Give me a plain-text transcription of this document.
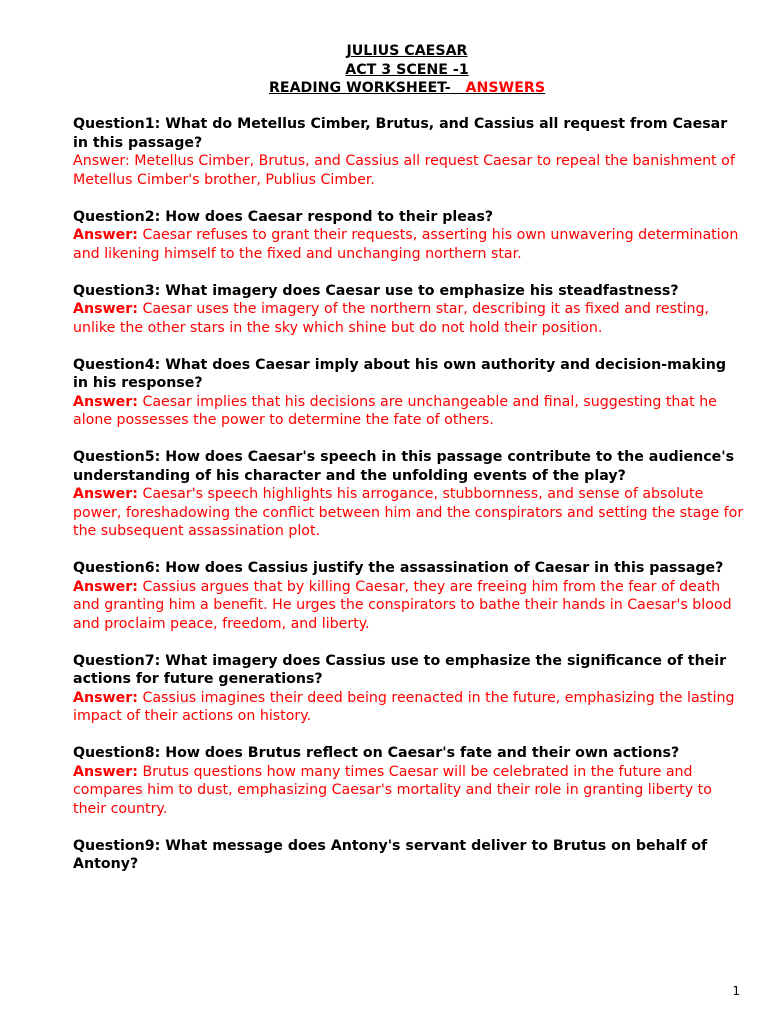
JULIUS CAESAR
ACT 3 SCENE -1
READING WORKSHEET- ANSWERS
Question1: What do Metellus Cimber, Brutus, and Cassius all request from Caesar in this passage?
Answer: Metellus Cimber, Brutus, and Cassius all request Caesar to repeal the banishment of Metellus Cimber's brother, Publius Cimber.
Question2: How does Caesar respond to their pleas?
Answer: Caesar refuses to grant their requests, asserting his own unwavering determination and likening himself to the fixed and unchanging northern star.
Question3: What imagery does Caesar use to emphasize his steadfastness?
Answer: Caesar uses the imagery of the northern star, describing it as fixed and resting, unlike the other stars in the sky which shine but do not hold their position.
Question4: What does Caesar imply about his own authority and decision-making in his response?
Answer: Caesar implies that his decisions are unchangeable and final, suggesting that he alone possesses the power to determine the fate of others.
Question5: How does Caesar's speech in this passage contribute to the audience's understanding of his character and the unfolding events of the play?
Answer: Caesar's speech highlights his arrogance, stubbornness, and sense of absolute power, foreshadowing the conflict between him and the conspirators and setting the stage for the subsequent assassination plot.
Question6: How does Cassius justify the assassination of Caesar in this passage?
Answer: Cassius argues that by killing Caesar, they are freeing him from the fear of death and granting him a benefit. He urges the conspirators to bathe their hands in Caesar's blood and proclaim peace, freedom, and liberty.
Question7: What imagery does Cassius use to emphasize the significance of their actions for future generations?
Answer: Cassius imagines their deed being reenacted in the future, emphasizing the lasting impact of their actions on history.
Question8: How does Brutus reflect on Caesar's fate and their own actions?
Answer: Brutus questions how many times Caesar will be celebrated in the future and compares him to dust, emphasizing Caesar's mortality and their role in granting liberty to their country.
Question9: What message does Antony's servant deliver to Brutus on behalf of Antony?
1
